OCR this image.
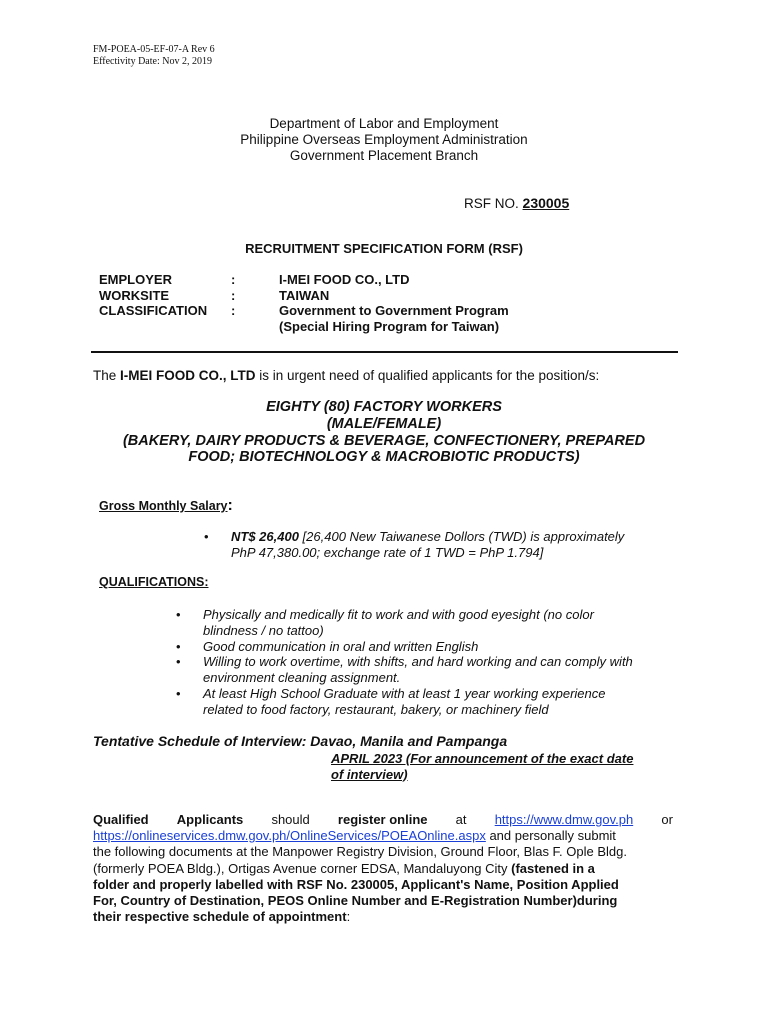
FM-POEA-05-EF-07-A Rev 6
Effectivity Date: Nov 2, 2019
Department of Labor and Employment
Philippine Overseas Employment Administration
Government Placement Branch
RSF NO. 230005
RECRUITMENT SPECIFICATION FORM (RSF)
EMPLOYER	:	I-MEI FOOD CO., LTD
WORKSITE	:	TAIWAN
CLASSIFICATION :	Government to Government Program
(Special Hiring Program for Taiwan)
The I-MEI FOOD CO., LTD is in urgent need of qualified applicants for the position/s:
EIGHTY (80) FACTORY WORKERS
(MALE/FEMALE)
(BAKERY, DAIRY PRODUCTS & BEVERAGE, CONFECTIONERY, PREPARED
FOOD; BIOTECHNOLOGY & MACROBIOTIC PRODUCTS)
Gross Monthly Salary:
• NT$ 26,400 [26,400 New Taiwanese Dollors (TWD) is approximately
PhP 47,380.00; exchange rate of 1 TWD = PhP 1.794]
QUALIFICATIONS:
• Physically and medically fit to work and with good eyesight (no color
blindness / no tattoo)
• Good communication in oral and written English
• Willing to work overtime, with shifts, and hard working and can comply with
environment cleaning assignment.
• At least High School Graduate with at least 1 year working experience
related to food factory, restaurant, bakery, or machinery field
Tentative Schedule of Interview: Davao, Manila and Pampanga
APRIL 2023 (For announcement of the exact date
of interview)
Qualified Applicants should register online at https://www.dmw.gov.ph or
https://onlineservices.dmw.gov.ph/OnlineServices/POEAOnline.aspx and personally submit
the following documents at the Manpower Registry Division, Ground Floor, Blas F. Ople Bldg.
(formerly POEA Bldg.), Ortigas Avenue corner EDSA, Mandaluyong City (fastened in a
folder and properly labelled with RSF No. 230005, Applicant's Name, Position Applied
For, Country of Destination, PEOS Online Number and E-Registration Number)during
their respective schedule of appointment:
